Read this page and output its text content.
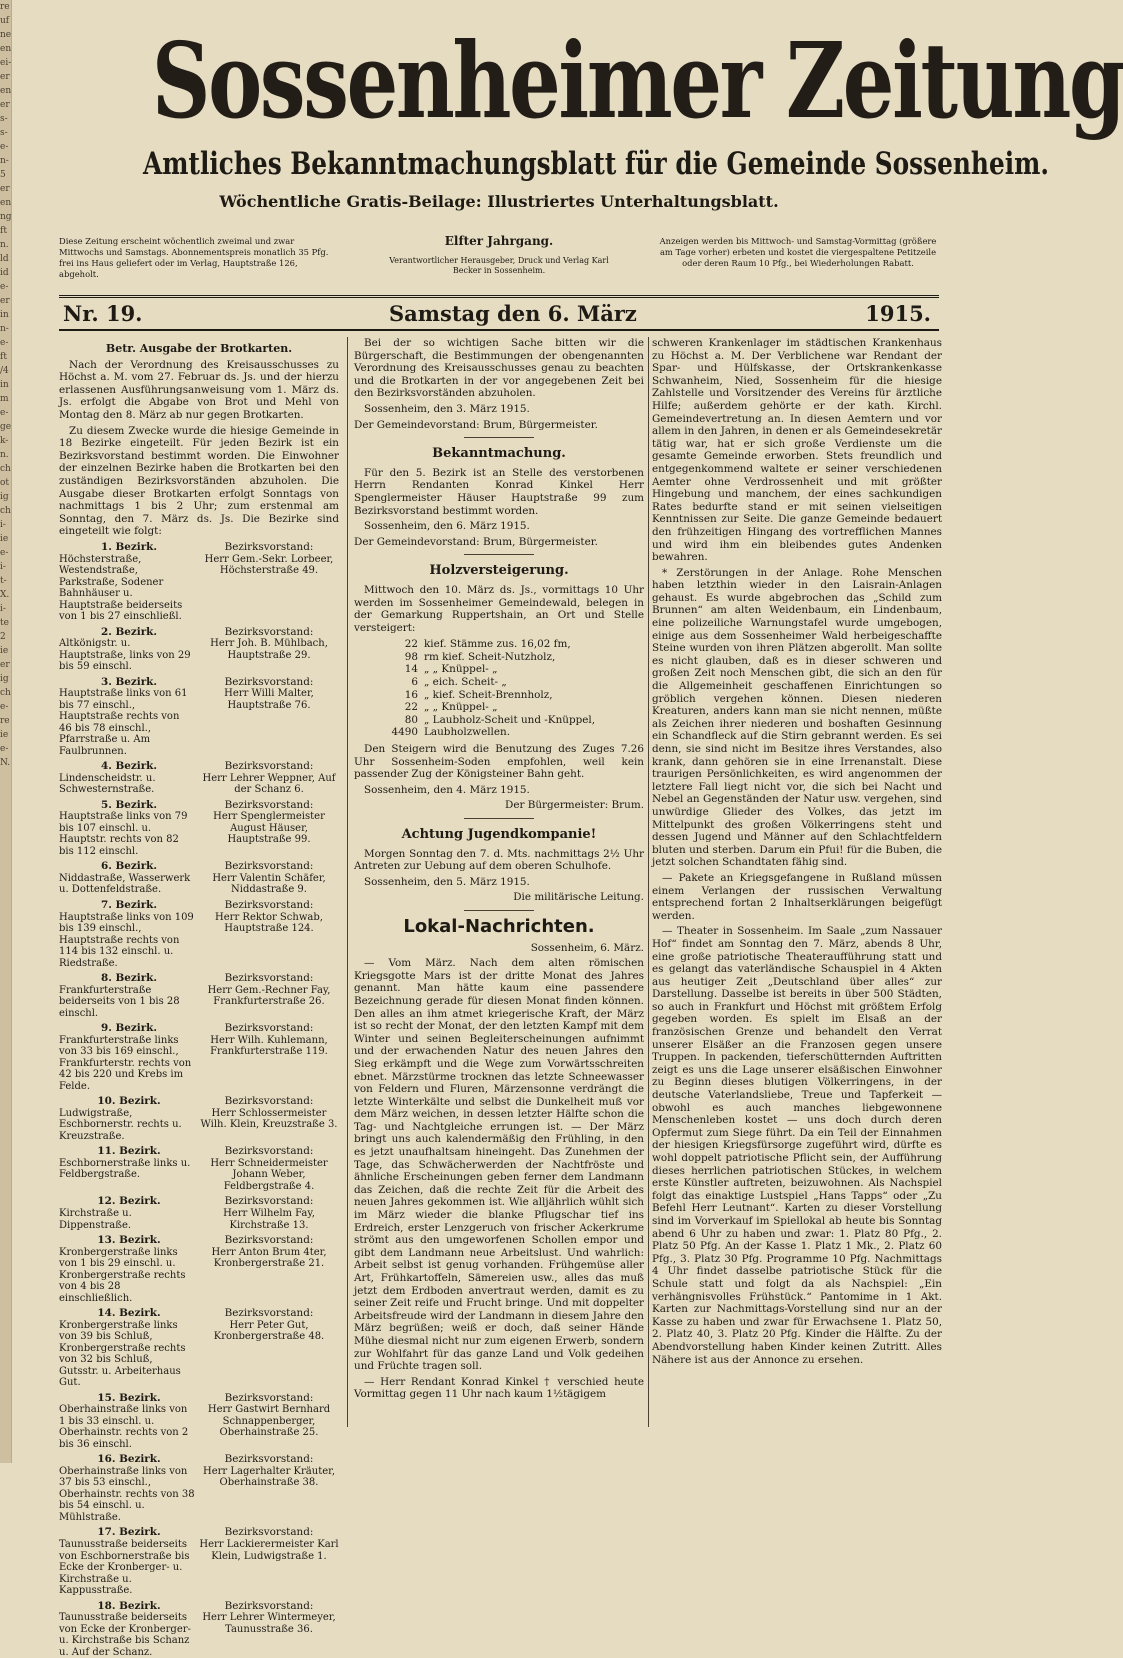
re
uf
ne
en
ei-
er
en
er
s-
s-
e-
n-
5
er
en
ng
ft
n.
ld
id
e-
er
in
n-
e-
ft
/4
in
m
e-
ge
k-
n.
ch
ot
ig
ch
i-
ie
e-
i-
t-
X.
i-
te
2
ie
er
ig
ch
e-
re
ie
e-
N.
Sossenheimer Zeitung
Amtliches Bekanntmachungsblatt für die Gemeinde Sossenheim.
Wöchentliche Gratis-Beilage: Illustriertes Unterhaltungsblatt.
Diese Zeitung erscheint wöchentlich zweimal und zwar Mittwochs und Samstags. Abonnementspreis monatlich 35 Pfg. frei ins Haus geliefert oder im Verlag, Hauptstraße 126, abgeholt.
Elfter Jahrgang.
Verantwortlicher Herausgeber, Druck und Verlag Karl Becker in Sossenheim.
Anzeigen werden bis Mittwoch- und Samstag-Vormittag (größere am Tage vorher) erbeten und kostet die viergespaltene Petitzeile oder deren Raum 10 Pfg., bei Wiederholungen Rabatt.
Nr. 19.	Samstag den 6. März	1915.
Betr. Ausgabe der Brotkarten.

Nach der Verordnung des Kreisausschusses zu Höchst a. M. vom 27. Februar ds. Js. und der hierzu erlassenen Ausführungsanweisung vom 1. März ds. Js. erfolgt die Abgabe von Brot und Mehl von Montag den 8. März ab nur gegen Brotkarten.

Zu diesem Zwecke wurde die hiesige Gemeinde in 18 Bezirke eingeteilt. Für jeden Bezirk ist ein Bezirksvorstand bestimmt worden. Die Einwohner der einzelnen Bezirke haben die Brotkarten bei den zuständigen Bezirksvorständen abzuholen. Die Ausgabe dieser Brotkarten erfolgt Sonntags von nachmittags 1 bis 2 Uhr; zum erstenmal am Sonntag, den 7. März ds. Js. Die Bezirke sind eingeteilt wie folgt:

1. Bezirk.	Bezirksvorstand:
Höchsterstraße, Westendstraße, Parkstraße, Sodener Bahnhäuser u. Hauptstraße beiderseits von 1 bis 27 einschließl.
Herr Gem.-Sekr. Lorbeer, Höchsterstraße 49.
2. Bezirk.	Bezirksvorstand:
Altkönigstr. u. Hauptstraße, links von 29 bis 59 einschl.
Herr Joh. B. Mühlbach, Hauptstraße 29.
3. Bezirk.	Bezirksvorstand:
Hauptstraße links von 61 bis 77 einschl., Hauptstraße rechts von 46 bis 78 einschl., Pfarrstraße u. Am Faulbrunnen.
Herr Willi Malter, Hauptstraße 76.
4. Bezirk.	Bezirksvorstand:
Lindenscheidstr. u. Schwesternstraße.
Herr Lehrer Weppner, Auf der Schanz 6.
5. Bezirk.	Bezirksvorstand:
Hauptstraße links von 79 bis 107 einschl. u. Hauptstr. rechts von 82 bis 112 einschl.
Herr Spenglermeister August Häuser, Hauptstraße 99.
6. Bezirk.	Bezirksvorstand:
Niddastraße, Wasserwerk u. Dottenfeldstraße.
Herr Valentin Schäfer, Niddastraße 9.
7. Bezirk.	Bezirksvorstand:
Hauptstraße links von 109 bis 139 einschl., Hauptstraße rechts von 114 bis 132 einschl. u. Riedstraße.
Herr Rektor Schwab, Hauptstraße 124.
8. Bezirk.	Bezirksvorstand:
Frankfurterstraße beiderseits von 1 bis 28 einschl.
Herr Gem.-Rechner Fay, Frankfurterstraße 26.
9. Bezirk.	Bezirksvorstand:
Frankfurterstraße links von 33 bis 169 einschl., Frankfurterstr. rechts von 42 bis 220 und Krebs im Felde.
Herr Wilh. Kuhlemann, Frankfurterstraße 119.
10. Bezirk.	Bezirksvorstand:
Ludwigstraße, Eschbornerstr. rechts u. Kreuzstraße.
Herr Schlossermeister Wilh. Klein, Kreuzstraße 3.
11. Bezirk.	Bezirksvorstand:
Eschbornerstraße links u. Feldbergstraße.
Herr Schneidermeister Johann Weber, Feldbergstraße 4.
12. Bezirk.	Bezirksvorstand:
Kirchstraße u. Dippenstraße.
Herr Wilhelm Fay, Kirchstraße 13.
13. Bezirk.	Bezirksvorstand:
Kronbergerstraße links von 1 bis 29 einschl. u. Kronbergerstraße rechts von 4 bis 28 einschließlich.
Herr Anton Brum 4ter, Kronbergerstraße 21.
14. Bezirk.	Bezirksvorstand:
Kronbergerstraße links von 39 bis Schluß, Kronbergerstraße rechts von 32 bis Schluß, Gutsstr. u. Arbeiterhaus Gut.
Herr Peter Gut, Kronbergerstraße 48.
15. Bezirk.	Bezirksvorstand:
Oberhainstraße links von 1 bis 33 einschl. u. Oberhainstr. rechts von 2 bis 36 einschl.
Herr Gastwirt Bernhard Schnappenberger, Oberhainstraße 25.
16. Bezirk.	Bezirksvorstand:
Oberhainstraße links von 37 bis 53 einschl., Oberhainstr. rechts von 38 bis 54 einschl. u. Mühlstraße.
Herr Lagerhalter Kräuter, Oberhainstraße 38.
17. Bezirk.	Bezirksvorstand:
Taunusstraße beiderseits von Eschbornerstraße bis Ecke der Kronberger- u. Kirchstraße u. Kappusstraße.
Herr Lackierermeister Karl Klein, Ludwigstraße 1.
18. Bezirk.	Bezirksvorstand:
Taunusstraße beiderseits von Ecke der Kronberger- u. Kirchstraße bis Schanz u. Auf der Schanz.
Herr Lehrer Wintermeyer, Taunusstraße 36.

Bei der so wichtigen Sache bitten wir die Bürgerschaft, die Bestimmungen der obengenannten Verordnung des Kreisausschusses genau zu beachten und die Brotkarten in der vor angegebenen Zeit bei den Bezirksvorständen abzuholen.

Sossenheim, den 3. März 1915.

Der Gemeindevorstand: Brum, Bürgermeister.

Bekanntmachung.

Für den 5. Bezirk ist an Stelle des verstorbenen Herrn Rendanten Konrad Kinkel Herr Spenglermeister Häuser Hauptstraße 99 zum Bezirksvorstand bestimmt worden.

Sossenheim, den 6. März 1915.

Der Gemeindevorstand: Brum, Bürgermeister.

Holzversteigerung.

Mittwoch den 10. März ds. Js., vormittags 10 Uhr werden im Sossenheimer Gemeindewald, belegen in der Gemarkung Ruppertshain, an Ort und Stelle versteigert:

22 kief. Stämme zus. 16,02 fm,
98 rm kief. Scheit-Nutzholz,
14 „ „ Knüppel- „
6 „ eich. Scheit- „
16 „ kief. Scheit-Brennholz,
22 „ „ Knüppel- „
80 „ Laubholz-Scheit und -Knüppel,
4490 Laubholzwellen.

Den Steigern wird die Benutzung des Zuges 7.26 Uhr Sossenheim-Soden empfohlen, weil kein passender Zug der Königsteiner Bahn geht.

Sossenheim, den 4. März 1915.

Der Bürgermeister: Brum.

Achtung Jugendkompanie!

Morgen Sonntag den 7. d. Mts. nachmittags 2½ Uhr Antreten zur Uebung auf dem oberen Schulhofe.

Sossenheim, den 5. März 1915.

Die militärische Leitung.

Lokal-Nachrichten.

Sossenheim, 6. März.

— Vom März. Nach dem alten römischen Kriegsgotte Mars ist der dritte Monat des Jahres genannt. Man hätte kaum eine passendere Bezeichnung gerade für diesen Monat finden können. Den alles an ihm atmet kriegerische Kraft, der März ist so recht der Monat, der den letzten Kampf mit dem Winter und seinen Begleiterscheinungen aufnimmt und der erwachenden Natur des neuen Jahres den Sieg erkämpft und die Wege zum Vorwärtsschreiten ebnet. Märzstürme trocknen das letzte Schneewasser von Feldern und Fluren, Märzensonne verdrängt die letzte Winterkälte und selbst die Dunkelheit muß vor dem März weichen, in dessen letzter Hälfte schon die Tag- und Nachtgleiche errungen ist. — Der März bringt uns auch kalendermäßig den Frühling, in den es jetzt unaufhaltsam hineingeht. Das Zunehmen der Tage, das Schwächerwerden der Nachtfröste und ähnliche Erscheinungen geben ferner dem Landmann das Zeichen, daß die rechte Zeit für die Arbeit des neuen Jahres gekommen ist. Wie alljährlich wühlt sich im März wieder die blanke Pflugschar tief ins Erdreich, erster Lenzgeruch von frischer Ackerkrume strömt aus den umgeworfenen Schollen empor und gibt dem Landmann neue Arbeitslust. Und wahrlich: Arbeit selbst ist genug vorhanden. Frühgemüse aller Art, Frühkartoffeln, Sämereien usw., alles das muß jetzt dem Erdboden anvertraut werden, damit es zu seiner Zeit reife und Frucht bringe. Und mit doppelter Arbeitsfreude wird der Landmann in diesem Jahre den März begrüßen; weiß er doch, daß seiner Hände Mühe diesmal nicht nur zum eigenen Erwerb, sondern zur Wohlfahrt für das ganze Land und Volk gedeihen und Früchte tragen soll.

— Herr Rendant Konrad Kinkel † verschied heute Vormittag gegen 11 Uhr nach kaum 1½tägigem

schweren Krankenlager im städtischen Krankenhaus zu Höchst a. M. Der Verblichene war Rendant der Spar- und Hülfskasse, der Ortskrankenkasse Schwanheim, Nied, Sossenheim für die hiesige Zahlstelle und Vorsitzender des Vereins für ärztliche Hilfe; außerdem gehörte er der kath. Kirchl. Gemeindevertretung an. In diesen Aemtern und vor allem in den Jahren, in denen er als Gemeindesekretär tätig war, hat er sich große Verdienste um die gesamte Gemeinde erworben. Stets freundlich und entgegenkommend waltete er seiner verschiedenen Aemter ohne Verdrossenheit und mit größter Hingebung und manchem, der eines sachkundigen Rates bedurfte stand er mit seinen vielseitigen Kenntnissen zur Seite. Die ganze Gemeinde bedauert den frühzeitigen Hingang des vortrefflichen Mannes und wird ihm ein bleibendes gutes Andenken bewahren.

* Zerstörungen in der Anlage. Rohe Menschen haben letzthin wieder in den Laisrain-Anlagen gehaust. Es wurde abgebrochen das „Schild zum Brunnen“ am alten Weidenbaum, ein Lindenbaum, eine polizeiliche Warnungstafel wurde umgebogen, einige aus dem Sossenheimer Wald herbeigeschaffte Steine wurden von ihren Plätzen abgerollt. Man sollte es nicht glauben, daß es in dieser schweren und großen Zeit noch Menschen gibt, die sich an den für die Allgemeinheit geschaffenen Einrichtungen so gröblich vergehen können. Diesen niederen Kreaturen, anders kann man sie nicht nennen, müßte als Zeichen ihrer niederen und boshaften Gesinnung ein Schandfleck auf die Stirn gebrannt werden. Es sei denn, sie sind nicht im Besitze ihres Verstandes, also krank, dann gehören sie in eine Irrenanstalt. Diese traurigen Persönlichkeiten, es wird angenommen der letztere Fall liegt nicht vor, die sich bei Nacht und Nebel an Gegenständen der Natur usw. vergehen, sind unwürdige Glieder des Volkes, das jetzt im Mittelpunkt des großen Völkerringens steht und dessen Jugend und Männer auf den Schlachtfeldern bluten und sterben. Darum ein Pfui! für die Buben, die jetzt solchen Schandtaten fähig sind.

— Pakete an Kriegsgefangene in Rußland müssen einem Verlangen der russischen Verwaltung entsprechend fortan 2 Inhaltserklärungen beigefügt werden.

— Theater in Sossenheim. Im Saale „zum Nassauer Hof“ findet am Sonntag den 7. März, abends 8 Uhr, eine große patriotische Theateraufführung statt und es gelangt das vaterländische Schauspiel in 4 Akten aus heutiger Zeit „Deutschland über alles“ zur Darstellung. Dasselbe ist bereits in über 500 Städten, so auch in Frankfurt und Höchst mit größtem Erfolg gegeben worden. Es spielt im Elsaß an der französischen Grenze und behandelt den Verrat unserer Elsäßer an die Franzosen gegen unsere Truppen. In packenden, tieferschütternden Auftritten zeigt es uns die Lage unserer elsäßischen Einwohner zu Beginn dieses blutigen Völkerringens, in der deutsche Vaterlandsliebe, Treue und Tapferkeit — obwohl es auch manches liebgewonnene Menschenleben kostet — uns doch durch deren Opfermut zum Siege führt. Da ein Teil der Einnahmen der hiesigen Kriegsfürsorge zugeführt wird, dürfte es wohl doppelt patriotische Pflicht sein, der Aufführung dieses herrlichen patriotischen Stückes, in welchem erste Künstler auftreten, beizuwohnen. Als Nachspiel folgt das einaktige Lustspiel „Hans Tapps“ oder „Zu Befehl Herr Leutnant“. Karten zu dieser Vorstellung sind im Vorverkauf im Spiellokal ab heute bis Sonntag abend 6 Uhr zu haben und zwar: 1. Platz 80 Pfg., 2. Platz 50 Pfg. An der Kasse 1. Platz 1 Mk., 2. Platz 60 Pfg., 3. Platz 30 Pfg. Programme 10 Pfg. Nachmittags 4 Uhr findet dasselbe patriotische Stück für die Schule statt und folgt da als Nachspiel: „Ein verhängnisvolles Frühstück.“ Pantomime in 1 Akt. Karten zur Nachmittags-Vorstellung sind nur an der Kasse zu haben und zwar für Erwachsene 1. Platz 50, 2. Platz 40, 3. Platz 20 Pfg. Kinder die Hälfte. Zu der Abendvorstellung haben Kinder keinen Zutritt. Alles Nähere ist aus der Annonce zu ersehen.
